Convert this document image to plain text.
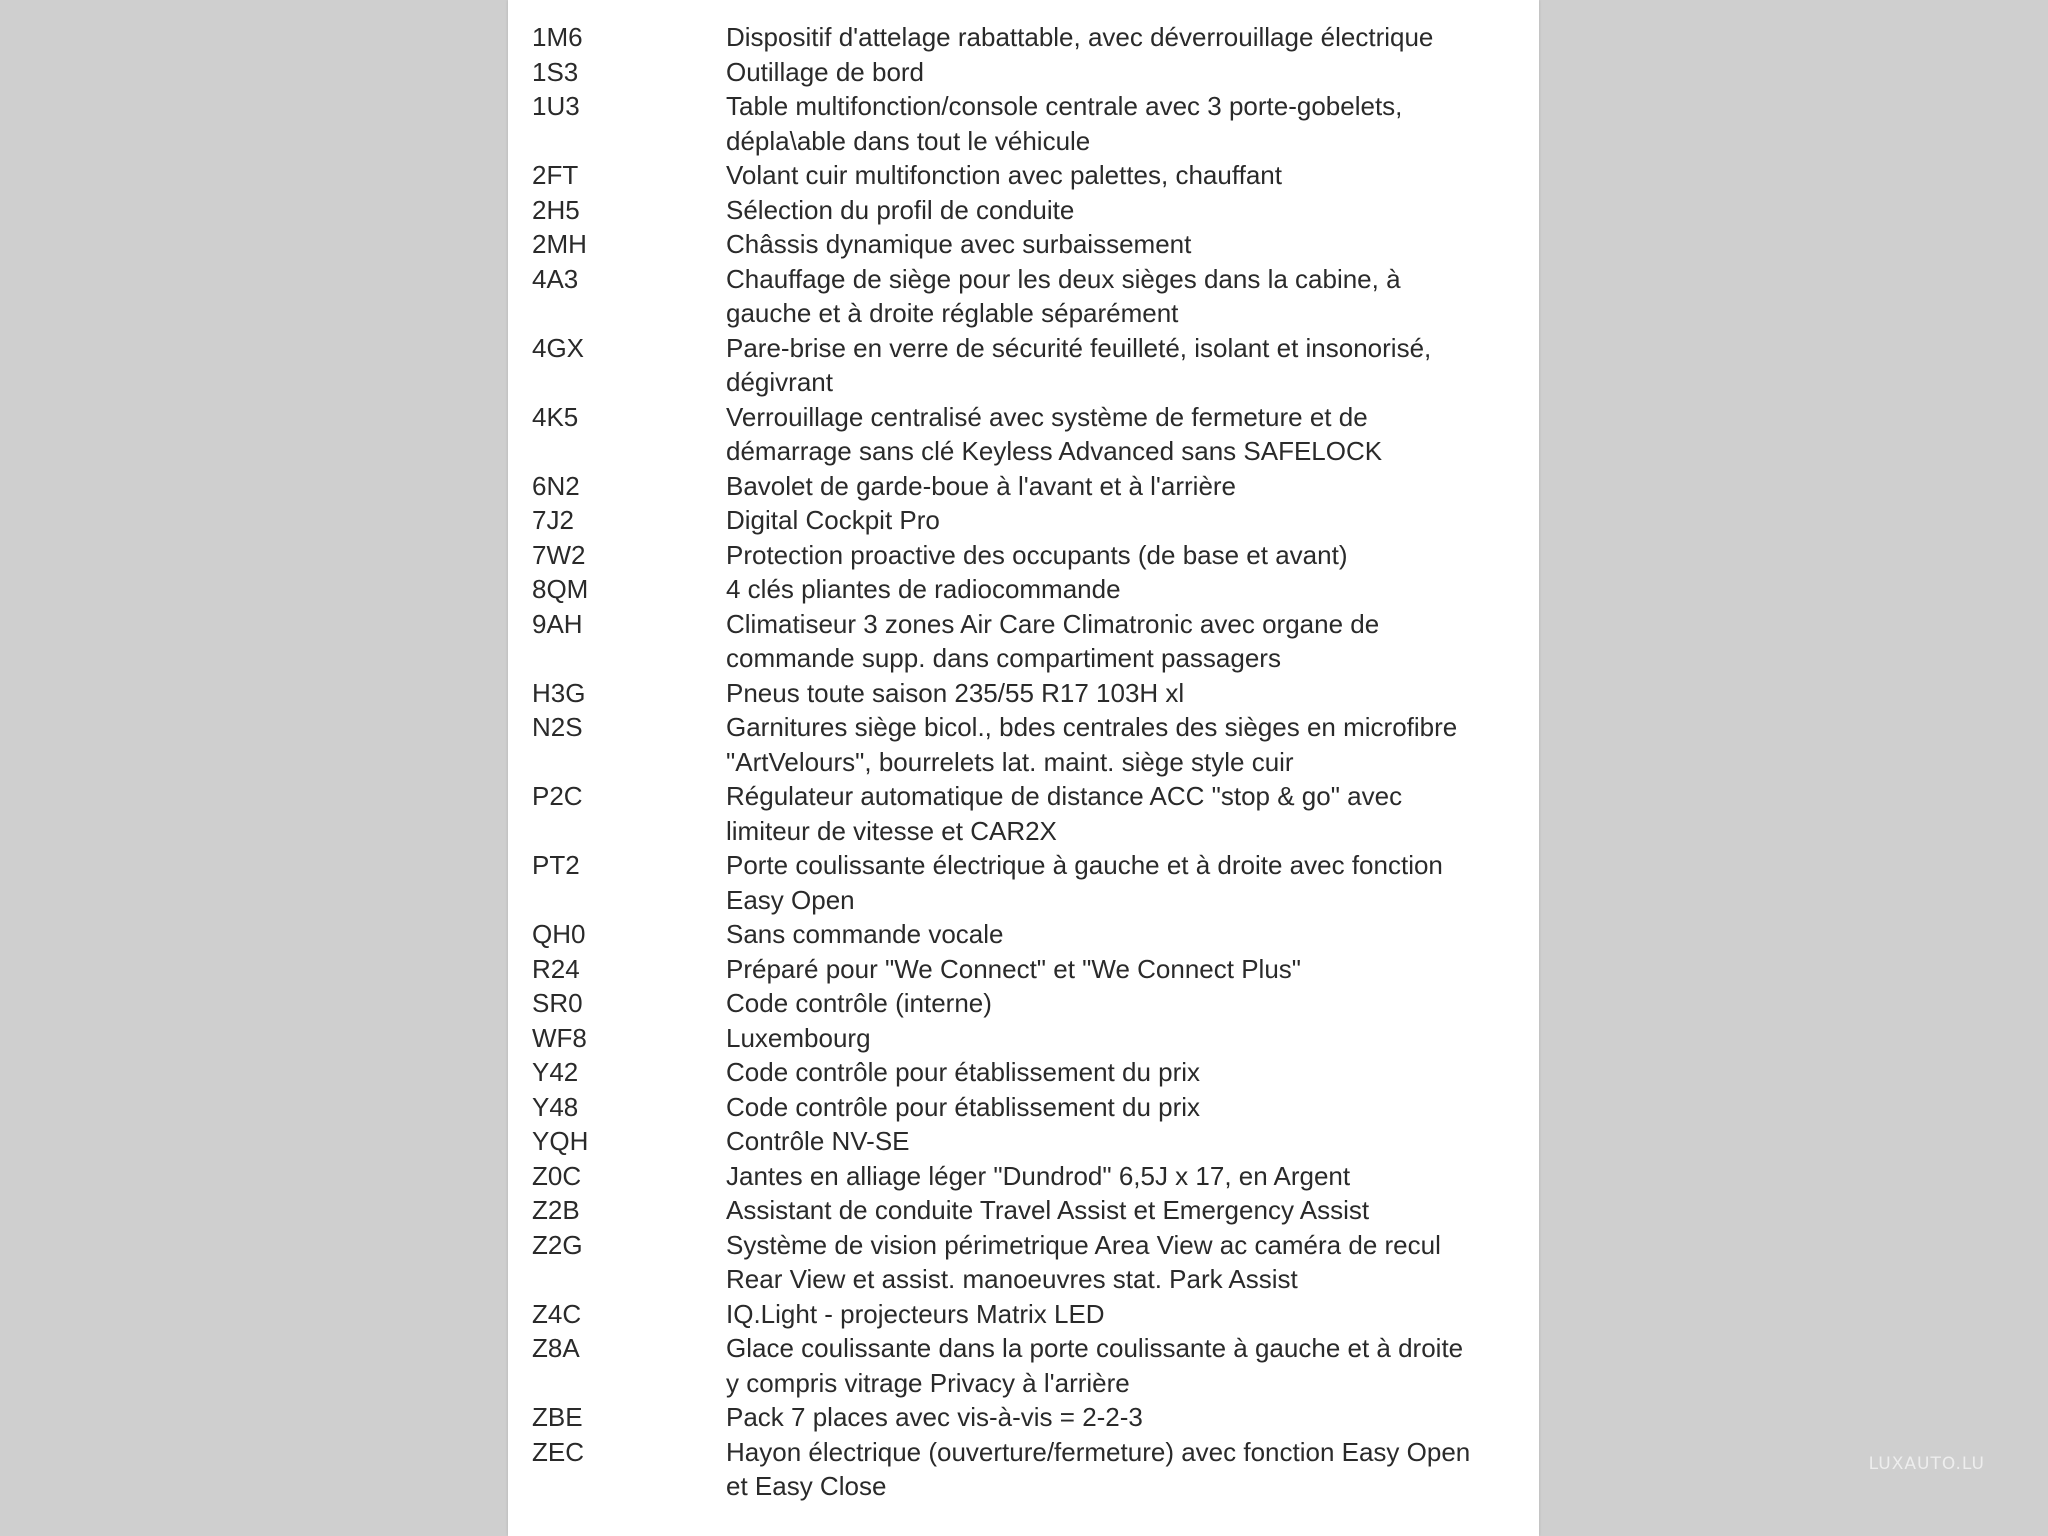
1M6	Dispositif d'attelage rabattable, avec déverrouillage électrique
1S3	Outillage de bord
1U3	Table multifonction/console centrale avec 3 porte-gobelets,
dépla\able dans tout le véhicule
2FT	Volant cuir multifonction avec palettes, chauffant
2H5	Sélection du profil de conduite
2MH	Châssis dynamique avec surbaissement
4A3	Chauffage de siège pour les deux sièges dans la cabine, à
gauche et à droite réglable séparément
4GX	Pare-brise en verre de sécurité feuilleté, isolant et insonorisé,
dégivrant
4K5	Verrouillage centralisé avec système de fermeture et de
démarrage sans clé Keyless Advanced sans SAFELOCK
6N2	Bavolet de garde-boue à l'avant et à l'arrière
7J2	Digital Cockpit Pro
7W2	Protection proactive des occupants (de base et avant)
8QM	4 clés pliantes de radiocommande
9AH	Climatiseur 3 zones Air Care Climatronic avec organe de
commande supp. dans compartiment passagers
H3G	Pneus toute saison 235/55 R17 103H xl
N2S	Garnitures siège bicol., bdes centrales des sièges en microfibre
"ArtVelours", bourrelets lat. maint. siège style cuir
P2C	Régulateur automatique de distance ACC "stop & go" avec
limiteur de vitesse et CAR2X
PT2	Porte coulissante électrique à gauche et à droite avec fonction
Easy Open
QH0	Sans commande vocale
R24	Préparé pour "We Connect" et "We Connect Plus"
SR0	Code contrôle (interne)
WF8	Luxembourg
Y42	Code contrôle pour établissement du prix
Y48	Code contrôle pour établissement du prix
YQH	Contrôle NV-SE
Z0C	Jantes en alliage léger "Dundrod" 6,5J x 17, en Argent
Z2B	Assistant de conduite Travel Assist et Emergency Assist
Z2G	Système de vision périmetrique Area View ac caméra de recul
Rear View et assist. manoeuvres stat. Park Assist
Z4C	IQ.Light - projecteurs Matrix LED
Z8A	Glace coulissante dans la porte coulissante à gauche et à droite
y compris vitrage Privacy à l'arrière
ZBE	Pack 7 places avec vis-à-vis = 2-2-3
ZEC	Hayon électrique (ouverture/fermeture) avec fonction Easy Open
et Easy Close
LUXAUTO.LU
